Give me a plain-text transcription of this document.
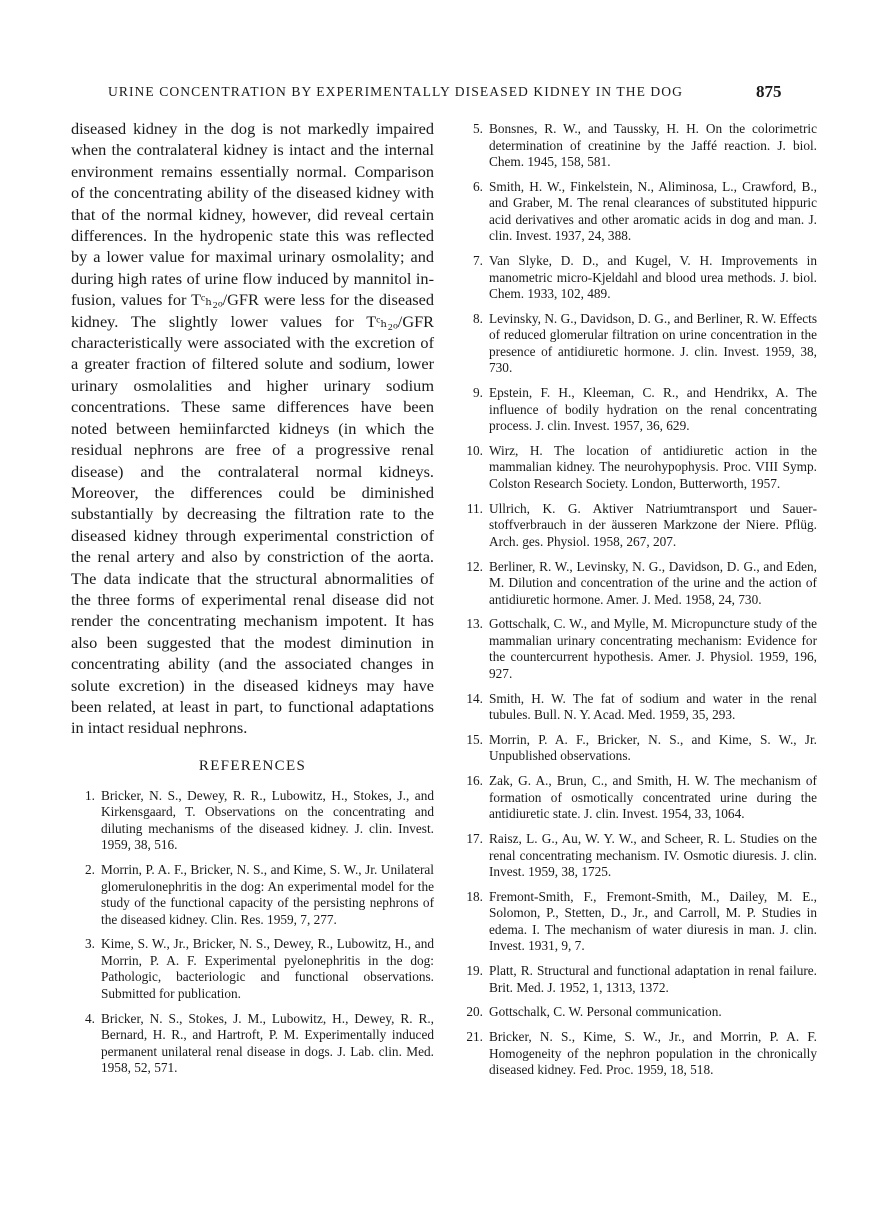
URINE CONCENTRATION BY EXPERIMENTALLY DISEASED KIDNEY IN THE DOG	875

diseased kidney in the dog is not markedly impaired when the contralateral kidney is intact and the internal environment remains essentially normal. Comparison of the concentrating ability of the diseased kidney with that of the normal kidney, however, did reveal certain differences. In the hydropenic state this was reflected by a lower value for maximal urinary osmolality; and during high rates of urine flow induced by mannitol infusion, values for Tᶜₕ₂ₒ/GFR were less for the diseased kidney. The slightly lower values for Tᶜₕ₂ₒ/GFR characteristically were associated with the excretion of a greater fraction of filtered solute and sodium, lower urinary osmolalities and higher urinary sodium concentrations. These same differences have been noted between hemiinfarcted kidneys (in which the residual nephrons are free of a progressive renal disease) and the contralateral normal kidneys. Moreover, the differences could be diminished substantially by decreasing the filtration rate to the diseased kidney through experimental constriction of the renal artery and also by constriction of the aorta. The data indicate that the structural abnormalities of the three forms of experimental renal disease did not render the concentrating mechanism impotent. It has also been suggested that the modest diminution in concentrating ability (and the associated changes in solute excretion) in the diseased kidneys may have been related, at least in part, to functional adaptations in intact residual nephrons.

REFERENCES
1. Bricker, N. S., Dewey, R. R., Lubowitz, H., Stokes, J., and Kirkensgaard, T. Observations on the concentrating and diluting mechanisms of the diseased kidney. J. clin. Invest. 1959, 38, 516.
2. Morrin, P. A. F., Bricker, N. S., and Kime, S. W., Jr. Unilateral glomerulonephritis in the dog: An experimental model for the study of the functional capacity of the persisting nephrons of the diseased kidney. Clin. Res. 1959, 7, 277.
3. Kime, S. W., Jr., Bricker, N. S., Dewey, R., Lubowitz, H., and Morrin, P. A. F. Experimental pyelonephritis in the dog: Pathologic, bacteriologic and functional observations. Submitted for publication.
4. Bricker, N. S., Stokes, J. M., Lubowitz, H., Dewey, R. R., Bernard, H. R., and Hartroft, P. M. Experimentally induced permanent unilateral renal disease in dogs. J. Lab. clin. Med. 1958, 52, 571.
5. Bonsnes, R. W., and Taussky, H. H. On the colorimetric determination of creatinine by the Jaffé reaction. J. biol. Chem. 1945, 158, 581.
6. Smith, H. W., Finkelstein, N., Aliminosa, L., Crawford, B., and Graber, M. The renal clearances of substituted hippuric acid derivatives and other aromatic acids in dog and man. J. clin. Invest. 1937, 24, 388.
7. Van Slyke, D. D., and Kugel, V. H. Improvements in manometric micro-Kjeldahl and blood urea methods. J. biol. Chem. 1933, 102, 489.
8. Levinsky, N. G., Davidson, D. G., and Berliner, R. W. Effects of reduced glomerular filtration on urine concentration in the presence of antidiuretic hormone. J. clin. Invest. 1959, 38, 730.
9. Epstein, F. H., Kleeman, C. R., and Hendrikx, A. The influence of bodily hydration on the renal concentrating process. J. clin. Invest. 1957, 36, 629.
10. Wirz, H. The location of antidiuretic action in the mammalian kidney. The neurohypophysis. Proc. VIII Symp. Colston Research Society. London, Butterworth, 1957.
11. Ullrich, K. G. Aktiver Natriumtransport und Sauerstoffverbrauch in der äusseren Markzone der Niere. Pflüg. Arch. ges. Physiol. 1958, 267, 207.
12. Berliner, R. W., Levinsky, N. G., Davidson, D. G., and Eden, M. Dilution and concentration of the urine and the action of antidiuretic hormone. Amer. J. Med. 1958, 24, 730.
13. Gottschalk, C. W., and Mylle, M. Micropuncture study of the mammalian urinary concentrating mechanism: Evidence for the countercurrent hypothesis. Amer. J. Physiol. 1959, 196, 927.
14. Smith, H. W. The fat of sodium and water in the renal tubules. Bull. N. Y. Acad. Med. 1959, 35, 293.
15. Morrin, P. A. F., Bricker, N. S., and Kime, S. W., Jr. Unpublished observations.
16. Zak, G. A., Brun, C., and Smith, H. W. The mechanism of formation of osmotically concentrated urine during the antidiuretic state. J. clin. Invest. 1954, 33, 1064.
17. Raisz, L. G., Au, W. Y. W., and Scheer, R. L. Studies on the renal concentrating mechanism. IV. Osmotic diuresis. J. clin. Invest. 1959, 38, 1725.
18. Fremont-Smith, F., Fremont-Smith, M., Dailey, M. E., Solomon, P., Stetten, D., Jr., and Carroll, M. P. Studies in edema. I. The mechanism of water diuresis in man. J. clin. Invest. 1931, 9, 7.
19. Platt, R. Structural and functional adaptation in renal failure. Brit. Med. J. 1952, 1, 1313, 1372.
20. Gottschalk, C. W. Personal communication.
21. Bricker, N. S., Kime, S. W., Jr., and Morrin, P. A. F. Homogeneity of the nephron population in the chronically diseased kidney. Fed. Proc. 1959, 18, 518.
